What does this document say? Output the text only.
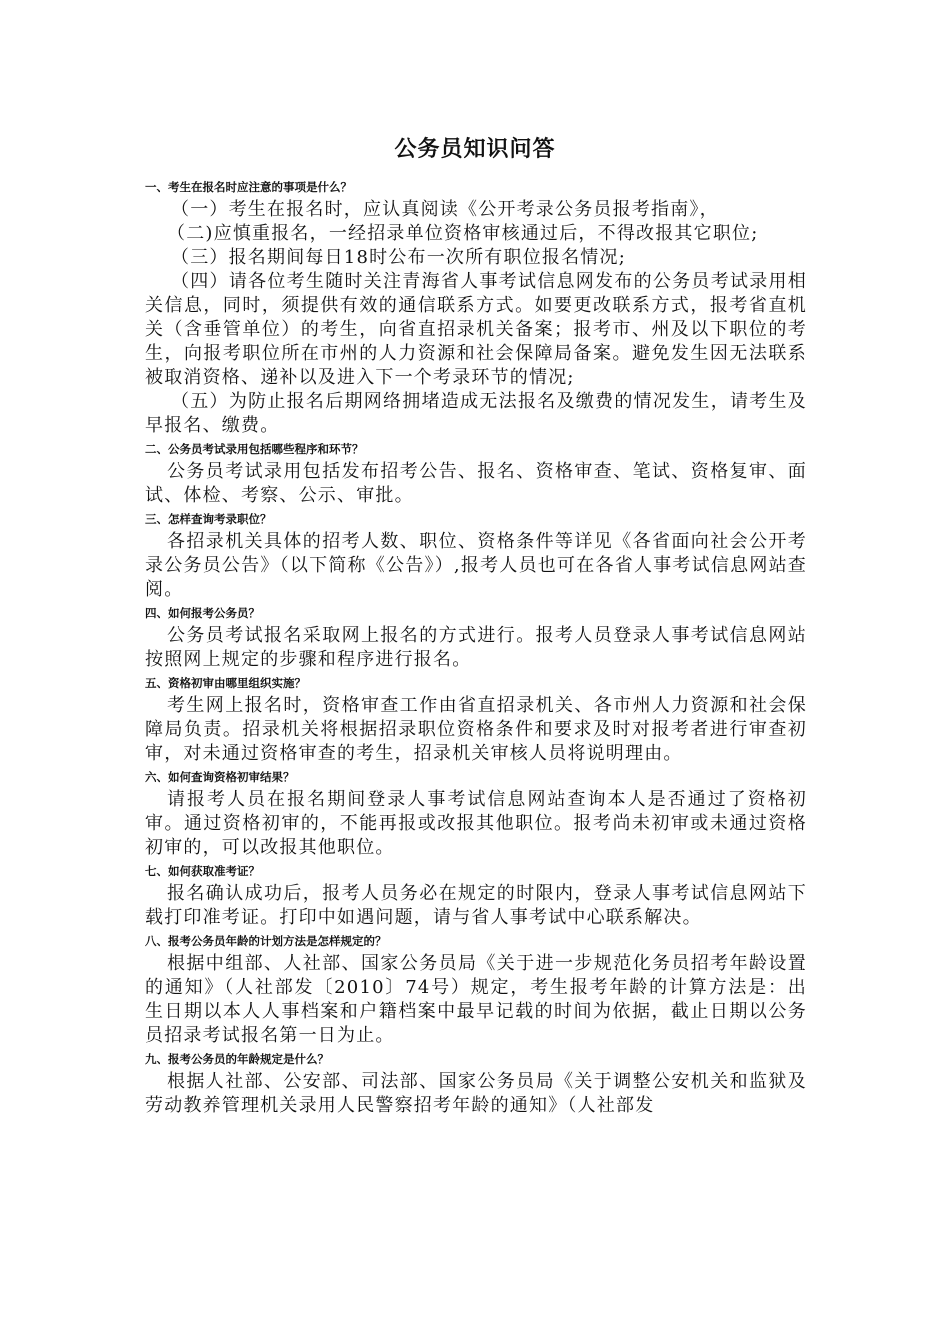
公务员知识问答
一、考生在报名时应注意的事项是什么？

（一）考生在报名时，应认真阅读《公开考录公务员报考指南》，

（二)应慎重报名，一经招录单位资格审核通过后，不得改报其它职位;

（三）报名期间每日18时公布一次所有职位报名情况;

（四）请各位考生随时关注青海省人事考试信息网发布的公务员考试录用相关信息，同时，须提供有效的通信联系方式。如要更改联系方式，报考省直机关（含垂管单位）的考生，向省直招录机关备案；报考市、州及以下职位的考生，向报考职位所在市州的人力资源和社会保障局备案。避免发生因无法联系被取消资格、递补以及进入下一个考录环节的情况;

（五）为防止报名后期网络拥堵造成无法报名及缴费的情况发生，请考生及早报名、缴费。

二、公务员考试录用包括哪些程序和环节？

公务员考试录用包括发布招考公告、报名、资格审查、笔试、资格复审、面试、体检、考察、公示、审批。

三、怎样查询考录职位？

各招录机关具体的招考人数、职位、资格条件等详见《各省面向社会公开考录公务员公告》（以下简称《公告》）,报考人员也可在各省人事考试信息网站查阅。

四、如何报考公务员？

公务员考试报名采取网上报名的方式进行。报考人员登录人事考试信息网站按照网上规定的步骤和程序进行报名。

五、资格初审由哪里组织实施？

考生网上报名时，资格审查工作由省直招录机关、各市州人力资源和社会保障局负责。招录机关将根据招录职位资格条件和要求及时对报考者进行审查初审，对未通过资格审查的考生，招录机关审核人员将说明理由。

六、如何查询资格初审结果？

请报考人员在报名期间登录人事考试信息网站查询本人是否通过了资格初审。通过资格初审的，不能再报或改报其他职位。报考尚未初审或未通过资格初审的，可以改报其他职位。

七、如何获取准考证？

报名确认成功后，报考人员务必在规定的时限内，登录人事考试信息网站下载打印准考证。打印中如遇问题，请与省人事考试中心联系解决。

八、报考公务员年龄的计划方法是怎样规定的？

根据中组部、人社部、国家公务员局《关于进一步规范化务员招考年龄设置的通知》（人社部发〔2010〕74号）规定，考生报考年龄的计算方法是：出生日期以本人人事档案和户籍档案中最早记载的时间为依据，截止日期以公务员招录考试报名第一日为止。

九、报考公务员的年龄规定是什么？

根据人社部、公安部、司法部、国家公务员局《关于调整公安机关和监狱及劳动教养管理机关录用人民警察招考年龄的通知》（人社部发
